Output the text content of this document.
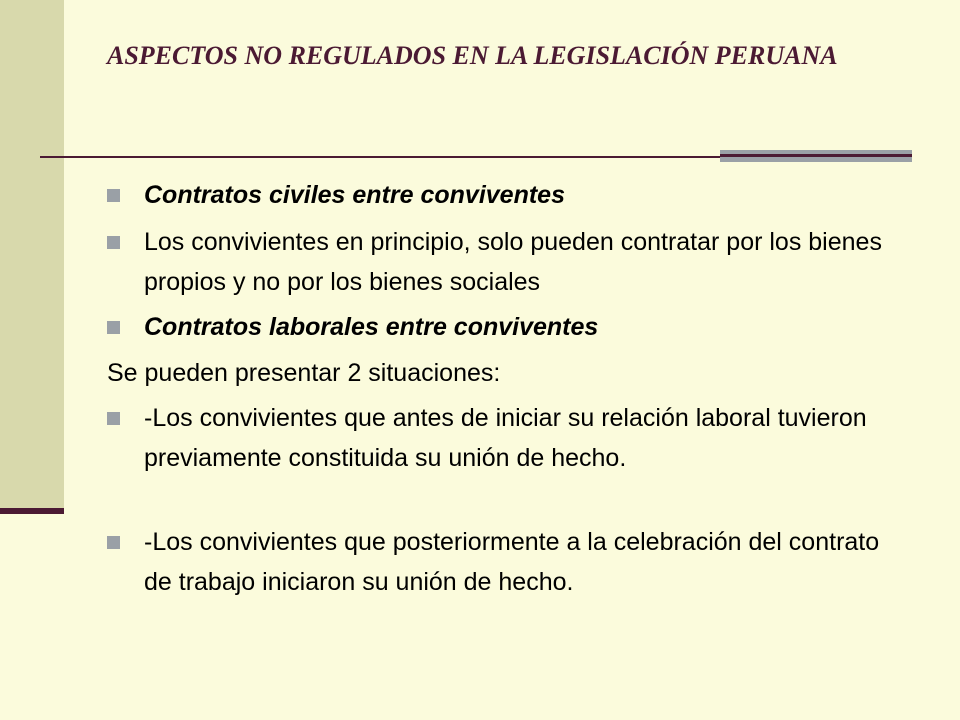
ASPECTOS NO REGULADOS EN LA LEGISLACIÓN PERUANA
Contratos civiles entre conviventes
Los convivientes en principio, solo pueden contratar por los bienes propios y no por los bienes sociales
Contratos laborales entre conviventes
Se pueden presentar 2 situaciones:
-Los convivientes que antes de iniciar su relación laboral tuvieron previamente constituida su unión de hecho.
-Los convivientes que posteriormente a la celebración del contrato de trabajo iniciaron su unión de hecho.
